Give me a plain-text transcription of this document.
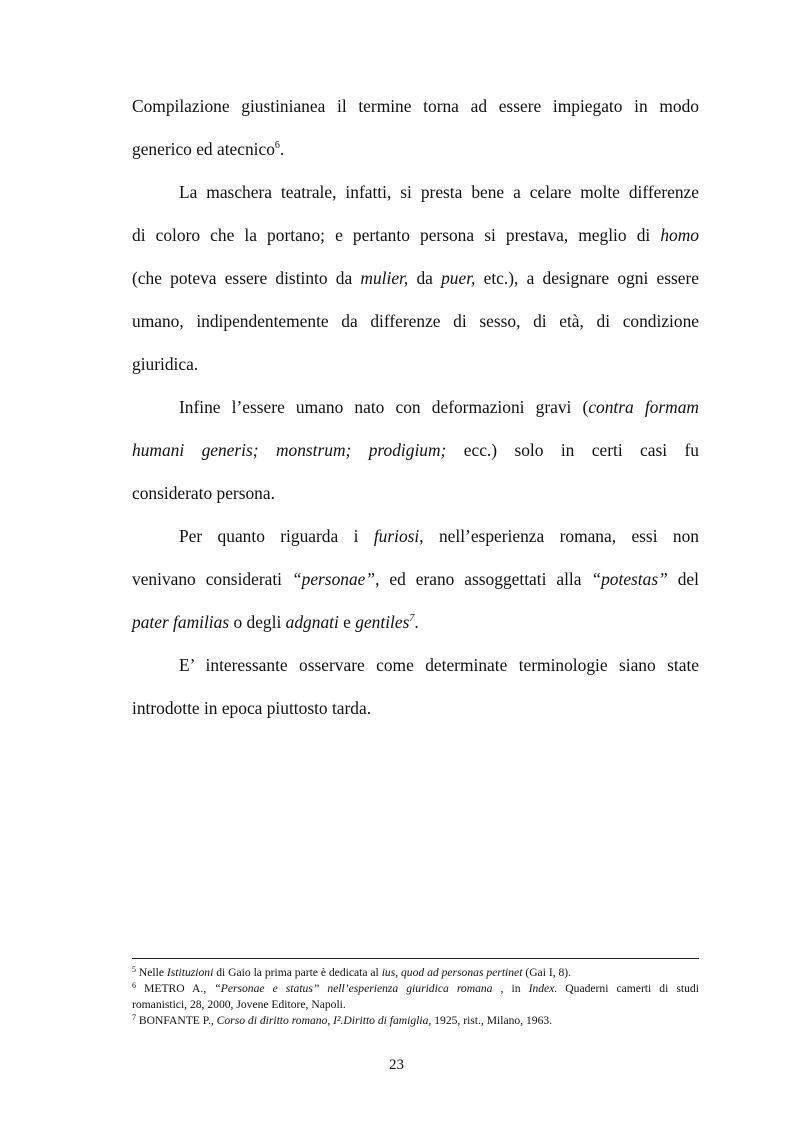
Compilazione giustinianea il termine torna ad essere impiegato in modo
generico ed atecnico$^6$.
La maschera teatrale, infatti, si presta bene a celare molte differenze
di coloro che la portano; e pertanto persona si prestava, meglio di homo
(che poteva essere distinto da mulier, da puer, etc.), a designare ogni essere
umano, indipendentemente da differenze di sesso, di età, di condizione
giuridica.
Infine l’essere umano nato con deformazioni gravi (contra formam
humani generis; monstrum; prodigium; ecc.) solo in certi casi fu
considerato persona.
Per quanto riguarda i furiosi, nell’esperienza romana, essi non
venivano considerati “personae”, ed erano assoggettati alla “potestas” del
pater familias o degli adgnati e gentiles$^7$.
E’ interessante osservare come determinate terminologie siano state
introdotte in epoca piuttosto tarda.
$^5$ Nelle Istituzioni di Gaio la prima parte è dedicata al ius, quod ad personas pertinet (Gai I, 8).
$^6$ METRO A., “Personae e status” nell’esperienza giuridica romana , in Index. Quaderni camerti di studi
romanistici, 28, 2000, Jovene Editore, Napoli.
$^7$ BONFANTE P., Corso di diritto romano, I².Diritto di famiglia, 1925, rist., Milano, 1963.
23
